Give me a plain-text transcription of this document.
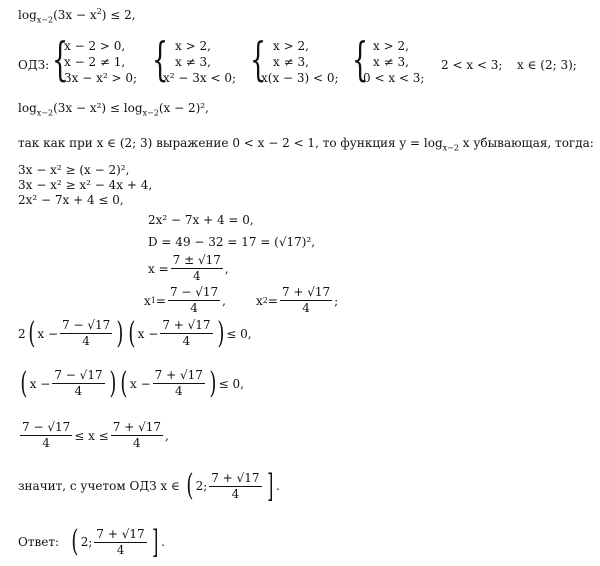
$\log_{x-2}(3x - x^2) \le 2$,
ОДЗ: {
x − 2 > 0,
x − 2 ≠ 1,
3x − x² > 0; { x > 2,
x ≠ 3,
x² − 3x < 0; { x > 2,
x ≠ 3,
x(x − 3) < 0; { x > 2,
x ≠ 3,
0 < x < 3;
2 < x < 3; x ∈ (2; 3);
$\log_{x-2}(3x - x^2) \le \log_{x-2}(x - 2)^2$,
так как при x ∈ (2; 3) выражение 0 < x − 2 < 1, то функция $y = \log_{x-2} x$ убывающая, тогда:
3x − x² ≥ (x − 2)²,
3x − x² ≥ x² − 4x + 4,
2x² − 7x + 4 ≤ 0,
2x² − 7x + 4 = 0,
D = 49 − 32 = 17 = (√17)²,
$x = \frac{7 \pm √17}{4}$ ,
x $1 = \frac{7 - √17}{4}$ ,	x $2 = \frac{7 + √17}{4}$ ;
2 ( $x - \frac{7 - √17}{4}$ ) ( $x - \frac{7 + √17}{4}$ ) ≤ 0,
( $x - \frac{7 - √17}{4}$ ) ( $x - \frac{7 + √17}{4}$ ) ≤ 0,
$\frac{7 - √17}{4} \le x \le \frac{7 + √17}{4}$ ,
значит, с учетом ОДЗ x ∈ ( 2; $\frac{7 + √17}{4}$ ] .
Ответ: ( 2; $\frac{7 + √17}{4}$ ] .
